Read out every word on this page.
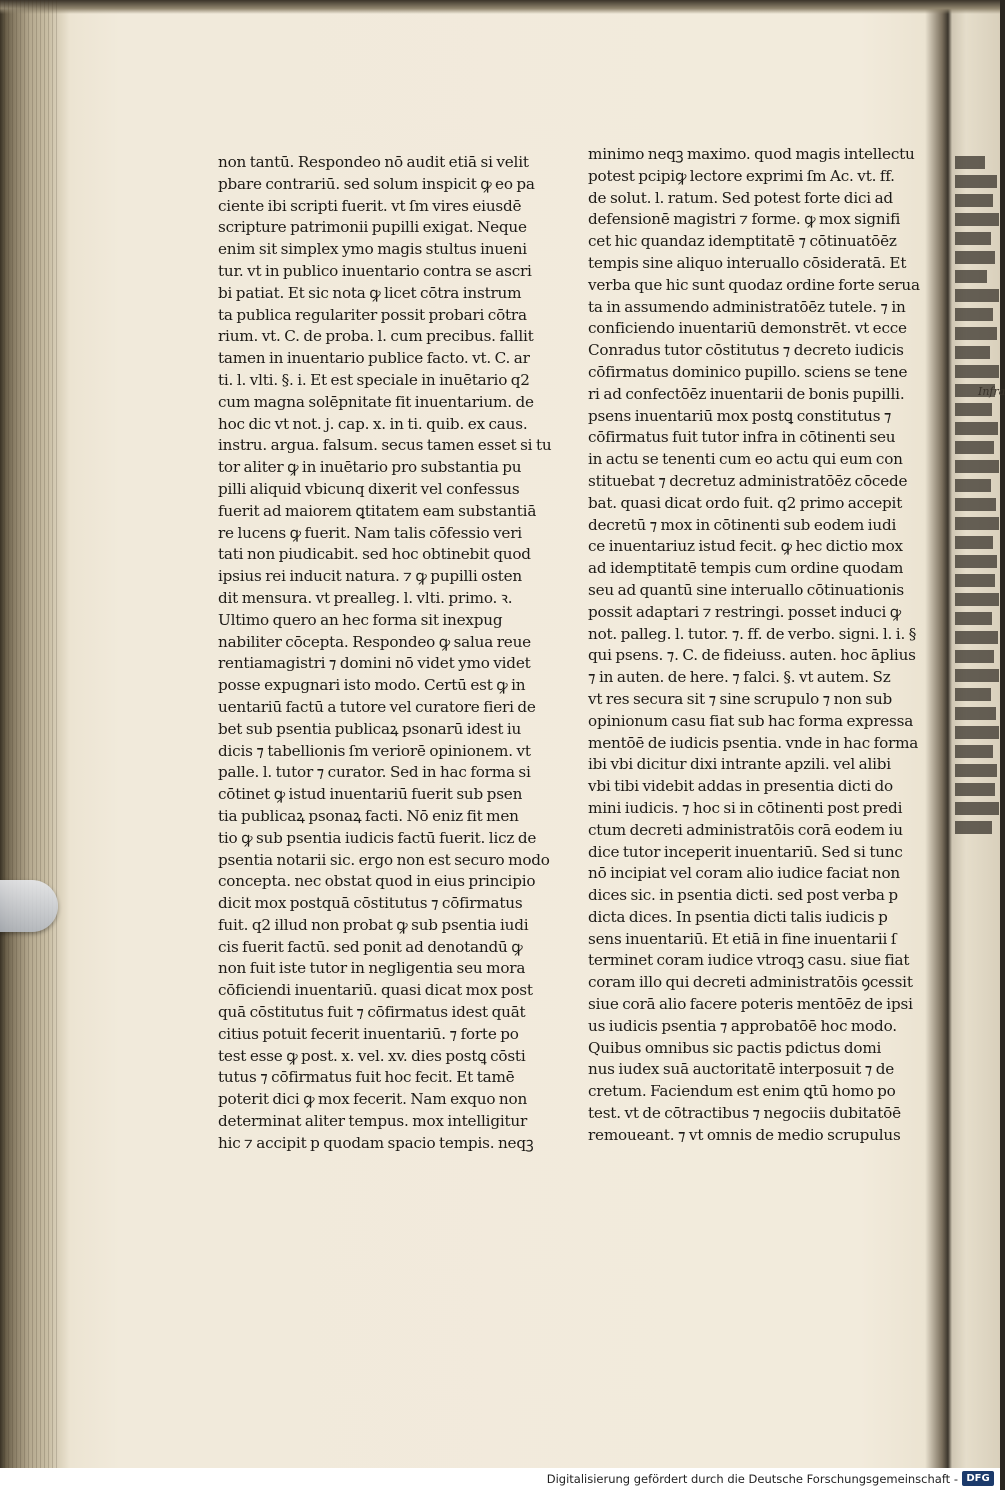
non tantū. Respondeo nō audit etiā si velit
pbare contrariū. sed solum inspicit ꝙ eo pa
ciente ibi scripti fuerit. vt ſm vires eiusdē
scripture patrimonii pupilli exigat. Neque
enim sit simplex ymo magis stultus inueni
tur. vt in publico inuentario contra se ascri
bi patiat. Et sic nota ꝙ licet cōtra instrum
ta publica regulariter possit probari cōtra
rium. vt. C. de proba. l. cum precibus. fallit
tamen in inuentario publice facto. vt. C. ar
ti. l. vlti. §. i. Et est speciale in inuētario q2
cum magna solēpnitate fit inuentarium. de
hoc dic vt not. j. cap. x. in ti. quib. ex caus.
instru. argua. falsum. secus tamen esset si tu
tor aliter ꝙ in inuētario pro substantia pu
pilli aliquid vbicunq dixerit vel confessus
fuerit ad maiorem ꝗtitatem eam substantiā
re lucens ꝙ fuerit. Nam talis cōfessio veri
tati non piudicabit. sed hoc obtinebit quod
ipsius rei inducit natura. ⁊ ꝙ pupilli osten
dit mensura. vt prealleg. l. vlti. primo. ꝛ.
Ultimo quero an hec forma sit inexpug
nabiliter cōcepta. Respondeo ꝙ salua reue
rentiamagistri ⁊ domini nō videt ymo videt
posse expugnari isto modo. Certū est ꝙ in
uentariū factū a tutore vel curatore fieri de
bet sub psentia publicaꝝ psonarū idest iu
dicis ⁊ tabellionis ſm veriorē opinionem. vt
palle. l. tutor ⁊ curator. Sed in hac forma si
cōtinet ꝙ istud inuentariū fuerit sub psen
tia publicaꝝ psonaꝝ facti. Nō eniz fit men
tio ꝙ sub psentia iudicis factū fuerit. licz de
psentia notarii sic. ergo non est securo modo
concepta. nec obstat quod in eius principio
dicit mox postquā cōstitutus ⁊ cōfirmatus
fuit. q2 illud non probat ꝙ sub psentia iudi
cis fuerit factū. sed ponit ad denotandū ꝙ
non fuit iste tutor in negligentia seu mora
cōficiendi inuentariū. quasi dicat mox post
quā cōstitutus fuit ⁊ cōfirmatus idest quāt
citius potuit fecerit inuentariū. ⁊ forte po
test esse ꝙ post. x. vel. xv. dies postꝗ cōsti
tutus ⁊ cōfirmatus fuit hoc fecit. Et tamē
poterit dici ꝙ mox fecerit. Nam exquo non
determinat aliter tempus. mox intelligitur
hic ⁊ accipit p quodam spacio tempis. neqꝫ
minimo neqꝫ maximo. quod magis intellectu
potest pcipiꝙ lectore exprimi ſm Ac. vt. ff.
de solut. l. ratum. Sed potest forte dici ad
defensionē magistri ⁊ forme. ꝙ mox signifi
cet hic quandaz idemptitatē ⁊ cōtinuatōēz
tempis sine aliquo interuallo cōsideratā. Et
verba que hic sunt quodaz ordine forte serua
ta in assumendo administratōēz tutele. ⁊ in
conficiendo inuentariū demonstrēt. vt ecce
Conradus tutor cōstitutus ⁊ decreto iudicis
cōfirmatus dominico pupillo. sciens se tene
ri ad confectōēz inuentarii de bonis pupilli.
psens inuentariū mox postꝗ constitutus ⁊
cōfirmatus fuit tutor infra in cōtinenti seu
in actu se tenenti cum eo actu qui eum con
stituebat ⁊ decretuz administratōēz cōcede
bat. quasi dicat ordo fuit. q2 primo accepit
decretū ⁊ mox in cōtinenti sub eodem iudi
ce inuentariuz istud fecit. ꝙ hec dictio mox
ad idemptitatē tempis cum ordine quodam
seu ad quantū sine interuallo cōtinuationis
possit adaptari ⁊ restringi. posset induci ꝙ
not. palleg. l. tutor. ⁊. ff. de verbo. signi. l. i. §
qui psens. ⁊. C. de fideiuss. auten. hoc āplius
⁊ in auten. de here. ⁊ falci. §. vt autem. Sz
vt res secura sit ⁊ sine scrupulo ⁊ non sub
opinionum casu fiat sub hac forma expressa
mentōē de iudicis psentia. vnde in hac forma
ibi vbi dicitur dixi intrante apzili. vel alibi
vbi tibi videbit addas in presentia dicti do
mini iudicis. ⁊ hoc si in cōtinenti post predi
ctum decreti administratōis corā eodem iu
dice tutor inceperit inuentariū. Sed si tunc
nō incipiat vel coram alio iudice faciat non
dices sic. in psentia dicti. sed post verba p
dicta dices. In psentia dicti talis iudicis p
sens inuentariū. Et etiā in fine inuentarii ſ
terminet coram iudice vtroqꝫ casu. siue fiat
coram illo qui decreti administratōis ꝯcessit
siue corā alio facere poteris mentōēz de ipsi
us iudicis psentia ⁊ approbatōē hoc modo.
Quibus omnibus sic pactis pdictus domi
nus iudex suā auctoritatē interposuit ⁊ de
cretum. Faciendum est enim ꝗtū homo po
test. vt de cōtractibus ⁊ negociis dubitatōē
remoueant. ⁊ vt omnis de medio scrupulus
Infra
Digitalisierung gefördert durch die Deutsche Forschungsgemeinschaft - DFG
